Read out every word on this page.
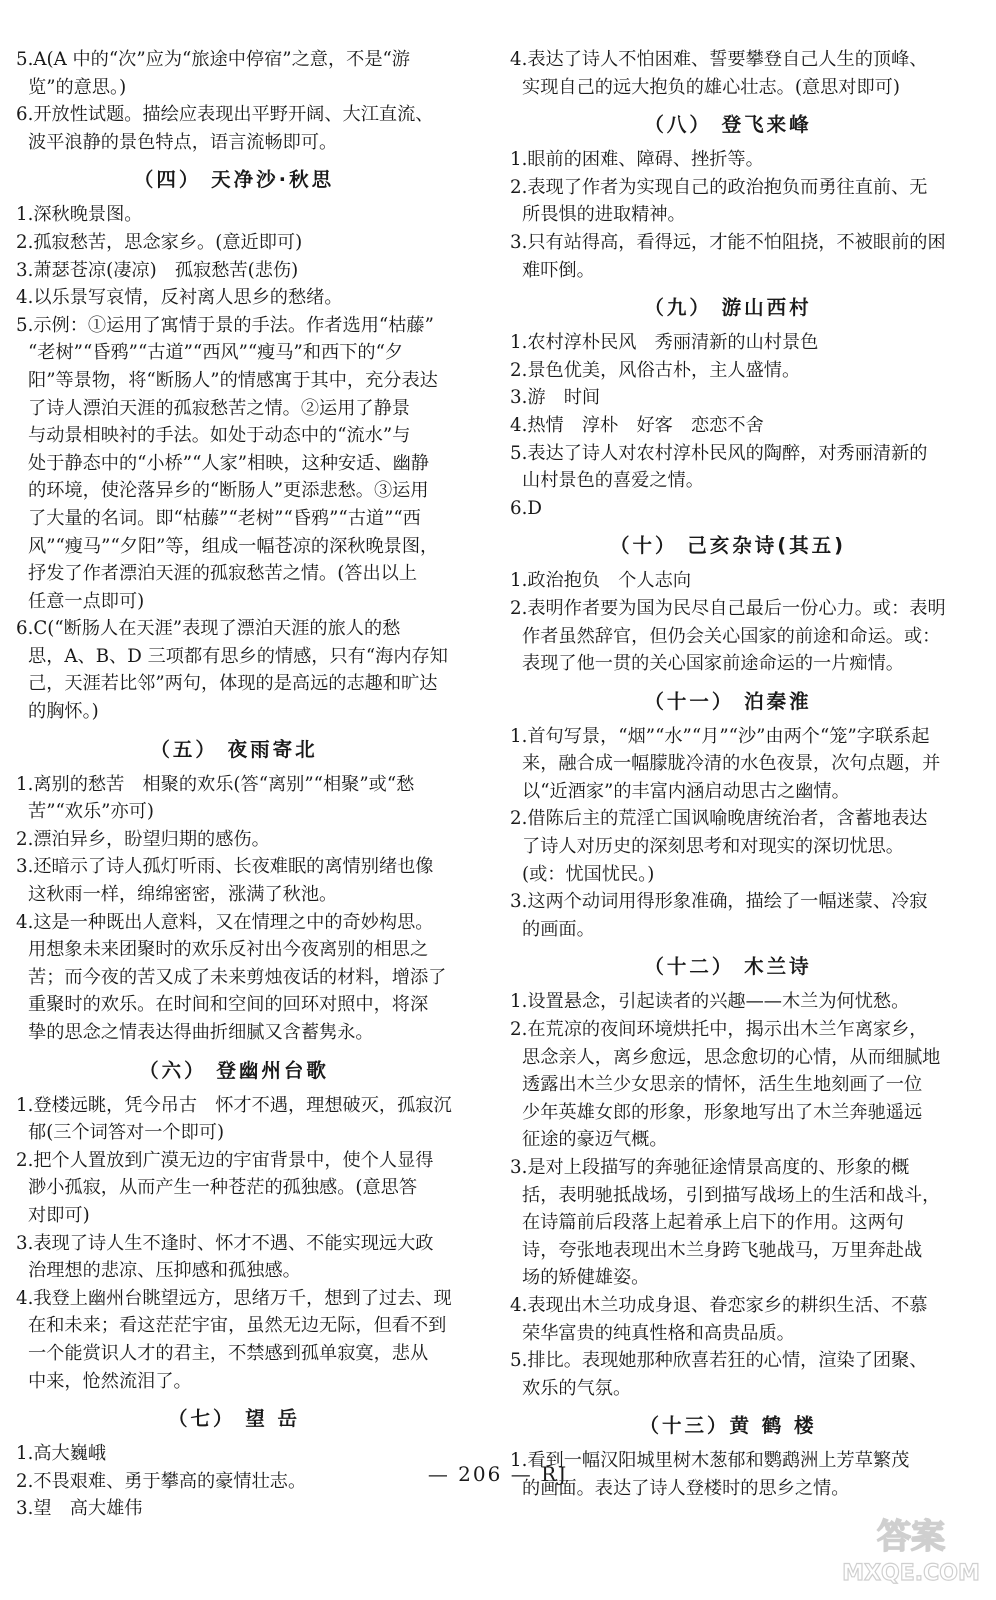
5.A(A 中的“次”应为“旅途中停宿”之意，不是“游

览”的意思。)

6.开放性试题。描绘应表现出平野开阔、大江直流、

波平浪静的景色特点，语言流畅即可。

（四） 天净沙·秋思

1.深秋晚景图。

2.孤寂愁苦，思念家乡。(意近即可)

3.萧瑟苍凉(凄凉)　孤寂愁苦(悲伤)

4.以乐景写哀情，反衬离人思乡的愁绪。

5.示例：①运用了寓情于景的手法。作者选用“枯藤”

“老树”“昏鸦”“古道”“西风”“瘦马”和西下的“夕

阳”等景物，将“断肠人”的情感寓于其中，充分表达

了诗人漂泊天涯的孤寂愁苦之情。②运用了静景

与动景相映衬的手法。如处于动态中的“流水”与

处于静态中的“小桥”“人家”相映，这种安适、幽静

的环境，使沦落异乡的“断肠人”更添悲愁。③运用

了大量的名词。即“枯藤”“老树”“昏鸦”“古道”“西

风”“瘦马”“夕阳”等，组成一幅苍凉的深秋晚景图，

抒发了作者漂泊天涯的孤寂愁苦之情。(答出以上

任意一点即可)

6.C(“断肠人在天涯”表现了漂泊天涯的旅人的愁

思，A、B、D 三项都有思乡的情感，只有“海内存知

己，天涯若比邻”两句，体现的是高远的志趣和旷达

的胸怀。)

（五） 夜雨寄北

1.离别的愁苦　相聚的欢乐(答“离别”“相聚”或“愁

苦”“欢乐”亦可)

2.漂泊异乡，盼望归期的感伤。

3.还暗示了诗人孤灯听雨、长夜难眠的离情别绪也像

这秋雨一样，绵绵密密，涨满了秋池。

4.这是一种既出人意料，又在情理之中的奇妙构思。

用想象未来团聚时的欢乐反衬出今夜离别的相思之

苦；而今夜的苦又成了未来剪烛夜话的材料，增添了

重聚时的欢乐。在时间和空间的回环对照中，将深

挚的思念之情表达得曲折细腻又含蓄隽永。

（六） 登幽州台歌

1.登楼远眺，凭今吊古　怀才不遇，理想破灭，孤寂沉

郁(三个词答对一个即可)

2.把个人置放到广漠无边的宇宙背景中，使个人显得

渺小孤寂，从而产生一种苍茫的孤独感。(意思答

对即可)

3.表现了诗人生不逢时、怀才不遇、不能实现远大政

治理想的悲凉、压抑感和孤独感。

4.我登上幽州台眺望远方，思绪万千，想到了过去、现

在和未来；看这茫茫宇宙，虽然无边无际，但看不到

一个能赏识人才的君主，不禁感到孤单寂寞，悲从

中来，怆然流泪了。

（七） 望 岳

1.高大巍峨

2.不畏艰难、勇于攀高的豪情壮志。

3.望　高大雄伟

4.表达了诗人不怕困难、誓要攀登自己人生的顶峰、

实现自己的远大抱负的雄心壮志。(意思对即可)

（八） 登飞来峰

1.眼前的困难、障碍、挫折等。

2.表现了作者为实现自己的政治抱负而勇往直前、无

所畏惧的进取精神。

3.只有站得高，看得远，才能不怕阻挠，不被眼前的困

难吓倒。

（九） 游山西村

1.农村淳朴民风　秀丽清新的山村景色

2.景色优美，风俗古朴，主人盛情。

3.游　时间

4.热情　淳朴　好客　恋恋不舍

5.表达了诗人对农村淳朴民风的陶醉，对秀丽清新的

山村景色的喜爱之情。

6.D

（十） 己亥杂诗(其五)

1.政治抱负　个人志向

2.表明作者要为国为民尽自己最后一份心力。或：表明

作者虽然辞官，但仍会关心国家的前途和命运。或：

表现了他一贯的关心国家前途命运的一片痴情。

（十一） 泊秦淮

1.首句写景，“烟”“水”“月”“沙”由两个“笼”字联系起

来，融合成一幅朦胧冷清的水色夜景，次句点题，并

以“近酒家”的丰富内涵启动思古之幽情。

2.借陈后主的荒淫亡国讽喻晚唐统治者，含蓄地表达

了诗人对历史的深刻思考和对现实的深切忧思。

(或：忧国忧民。)

3.这两个动词用得形象准确，描绘了一幅迷蒙、冷寂

的画面。

（十二） 木兰诗

1.设置悬念，引起读者的兴趣——木兰为何忧愁。

2.在荒凉的夜间环境烘托中，揭示出木兰乍离家乡，

思念亲人，离乡愈远，思念愈切的心情，从而细腻地

透露出木兰少女思亲的情怀，活生生地刻画了一位

少年英雄女郎的形象，形象地写出了木兰奔驰遥远

征途的豪迈气概。

3.是对上段描写的奔驰征途情景高度的、形象的概

括，表明驰抵战场，引到描写战场上的生活和战斗，

在诗篇前后段落上起着承上启下的作用。这两句

诗，夸张地表现出木兰身跨飞驰战马，万里奔赴战

场的矫健雄姿。

4.表现出木兰功成身退、眷恋家乡的耕织生活、不慕

荣华富贵的纯真性格和高贵品质。

5.排比。表现她那种欣喜若狂的心情，渲染了团聚、

欢乐的气氛。

（十三）黄 鹤 楼

1.看到一幅汉阳城里树木葱郁和鹦鹉洲上芳草繁茂

的画面。表达了诗人登楼时的思乡之情。

— 206 — RJ
答案
MXQE.COM
